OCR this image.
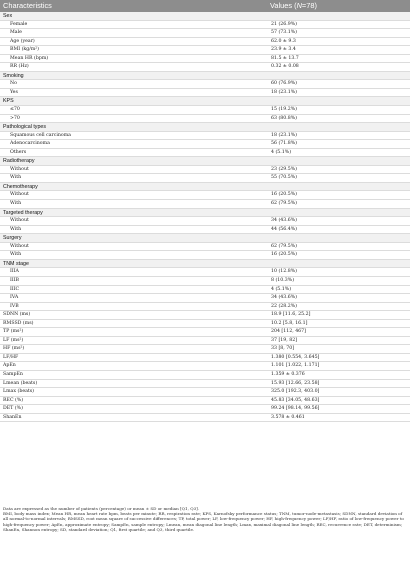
Characteristics	Values (N=78)
Sex
Female	21 (26.9%)
Male	57 (73.1%)
Age (year)	62.0 ± 9.3
BMI (kg/m²)	23.9 ± 3.4
Mean HR (bpm)	81.5 ± 13.7
RR (Hz)	0.32 ± 0.08
Smoking
No	60 (76.9%)
Yes	18 (23.1%)
KPS
≤70	15 (19.2%)
>70	63 (80.8%)
Pathological types
Squamous cell carcinoma	18 (23.1%)
Adenocarcinoma	56 (71.8%)
Others	4 (5.1%)
Radiotherapy
Without	23 (29.5%)
With	55 (70.5%)
Chemotherapy
Without	16 (20.5%)
With	62 (79.5%)
Targeted therapy
Without	34 (43.6%)
With	44 (56.4%)
Surgery
Without	62 (79.5%)
With	16 (20.5%)
TNM stage
IIIA	10 (12.8%)
IIIB	8 (10.3%)
IIIC	4 (5.1%)
IVA	34 (43.6%)
IVB	22 (28.2%)
SDNN (ms)	18.9 [11.6, 25.2]
RMSSD (ms)	10.2 [5.8, 16.1]
TP (ms²)	204 [112, 467]
LF (ms²)	37 [19, 82]
HF (ms²)	33 [8, 70]
LF/HF	1.380 [0.554, 3.645]
ApEn	1.101 [1.022, 1.171]
SampEn	1.359 ± 0.376
Lmean (beats)	15.93 [12.66, 23.58]
Lmax (beats)	325.0 [192.3, 403.0]
REC (%)	45.83 [34.05, 48.63]
DET (%)	99.24 [98.14, 99.56]
ShanEn	3.578 ± 0.461

Data are expressed as the number of patients (percentage) or mean ± SD or median [Q1, Q3].

BMI, body mass index; Mean HR, mean heart rate bpm, beats per minute; RR, respiration rate; KPS, Karnofsky performance status; TNM, tumor-node-metastasis; SDNN, standard deviation of all normal-to-normal intervals; RMSSD, root mean square of successive differences; TP, total power; LF, low-frequency power; HF, high-frequency power; LF/HF, ratio of low-frequency power to high-frequency power; ApEn, approximate entropy; SampEn, sample entropy; Lmean, mean diagonal line length; Lmax, maximal diagonal line length; REC, recurrence rate; DET, determinism; ShanEn, Shannon entropy; SD, standard deviation; Q1, first quartile; and Q3, third quartile.
